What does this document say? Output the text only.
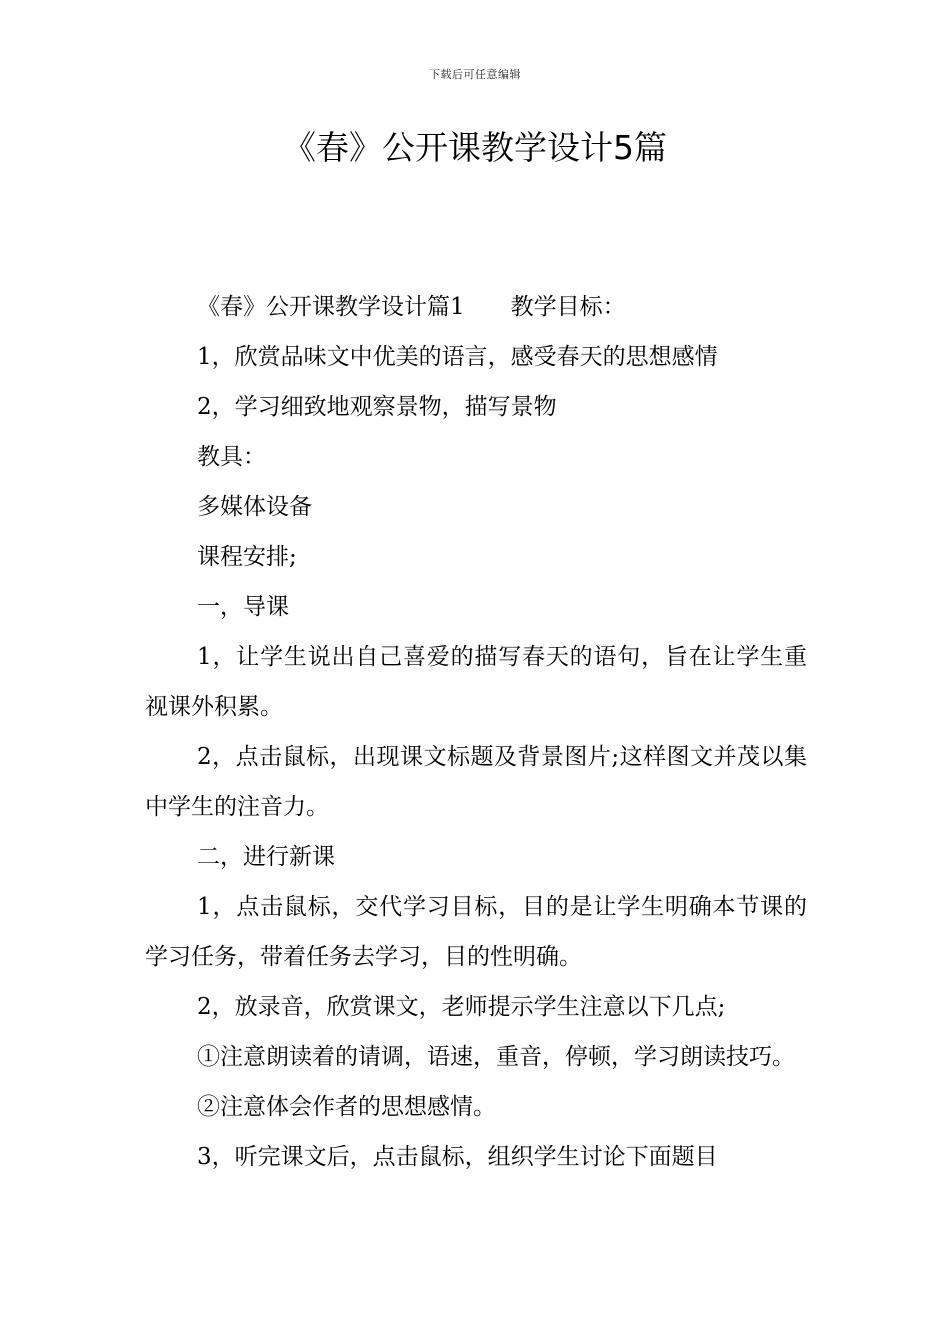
下载后可任意编辑
《春》公开课教学设计5篇

《春》公开课教学设计篇1 教学目标：

1，欣赏品味文中优美的语言，感受春天的思想感情

2，学习细致地观察景物，描写景物

教具：

多媒体设备

课程安排;

一，导课

1，让学生说出自己喜爱的描写春天的语句，旨在让学生重视课外积累。

2，点击鼠标，出现课文标题及背景图片;这样图文并茂以集中学生的注音力。

二，进行新课

1，点击鼠标，交代学习目标，目的是让学生明确本节课的学习任务，带着任务去学习，目的性明确。

2，放录音，欣赏课文，老师提示学生注意以下几点;

①注意朗读着的请调，语速，重音，停顿，学习朗读技巧。

②注意体会作者的思想感情。

3，听完课文后，点击鼠标，组织学生讨论下面题目
